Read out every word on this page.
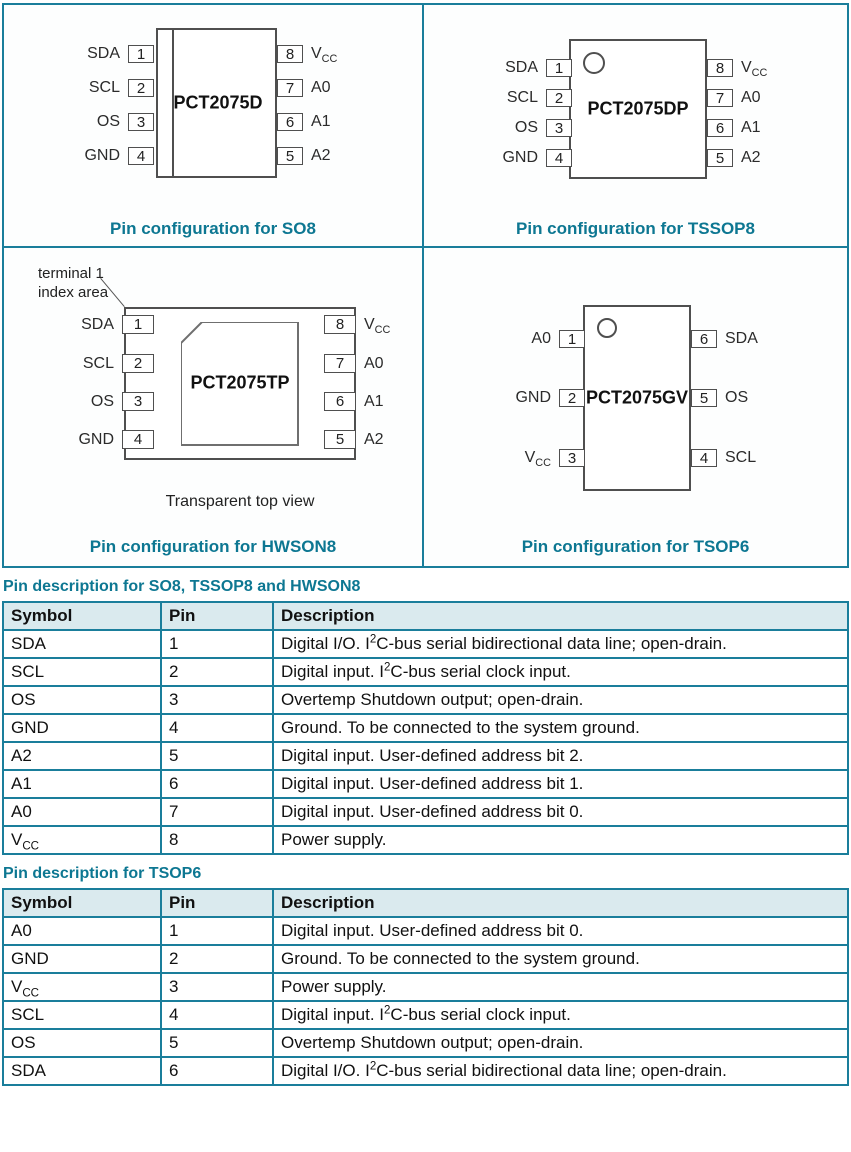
SDA	1
SCL	2
OS	3
GND	4
8	$V_{CC}$
7	A0
6	A1
5	A2
PCT2075D
Pin configuration for SO8
SDA	1
SCL	2
OS	3
GND	4
8	$V_{CC}$
7	A0
6	A1
5	A2
PCT2075DP
Pin configuration for TSSOP8
terminal 1
index area
SDA	1
SCL	2
OS	3
GND	4
8	$V_{CC}$
7	A0
6	A1
5	A2
PCT2075TP
Transparent top view
Pin configuration for HWSON8
A0	1
GND	2
$V_{CC}$	3
6	SDA
5	OS
4	SCL
PCT2075GV
Pin configuration for TSOP6
Pin description for SO8, TSSOP8 and HWSON8
Symbol	Pin	Description
SDA	1	Digital I/O. $I^2C$-bus serial bidirectional data line; open-drain.
SCL	2	Digital input. $I^2C$-bus serial clock input.
OS	3	Overtemp Shutdown output; open-drain.
GND	4	Ground. To be connected to the system ground.
A2	5	Digital input. User-defined address bit 2.
A1	6	Digital input. User-defined address bit 1.
A0	7	Digital input. User-defined address bit 0.
$V_{CC}$	8	Power supply.
Pin description for TSOP6
Symbol	Pin	Description
A0	1	Digital input. User-defined address bit 0.
GND	2	Ground. To be connected to the system ground.
$V_{CC}$	3	Power supply.
SCL	4	Digital input. $I^2C$-bus serial clock input.
OS	5	Overtemp Shutdown output; open-drain.
SDA	6	Digital I/O. $I^2C$-bus serial bidirectional data line; open-drain.
